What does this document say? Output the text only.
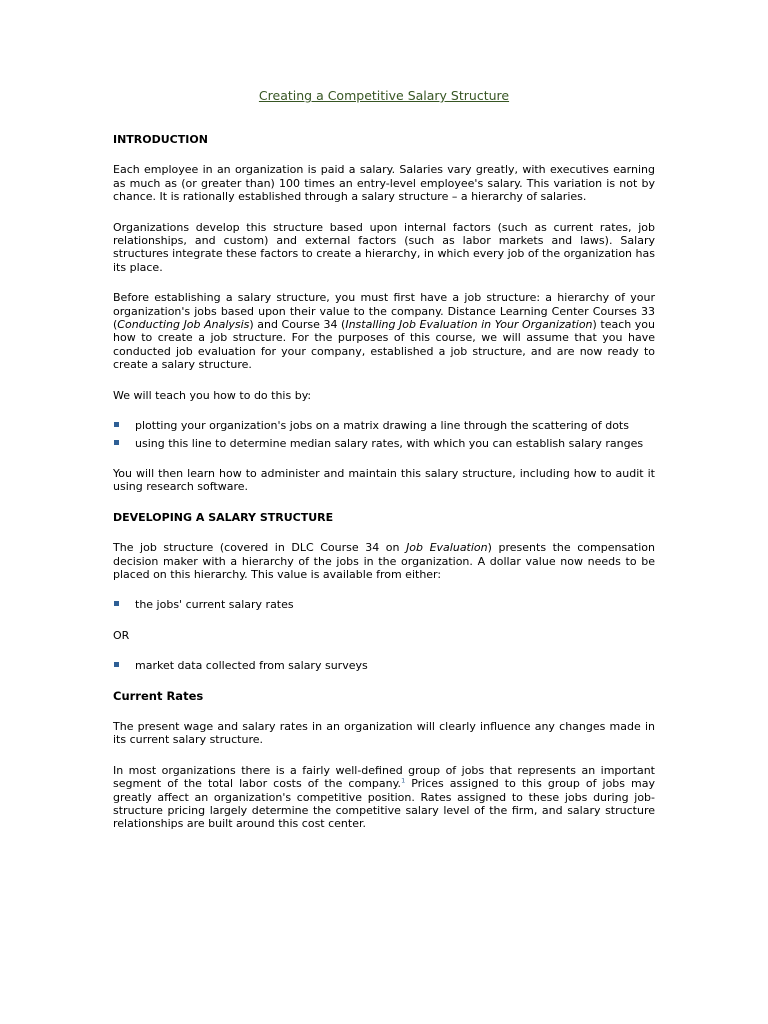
Creating a Competitive Salary Structure
INTRODUCTION
Each employee in an organization is paid a salary. Salaries vary greatly, with executives earning as much as (or greater than) 100 times an entry-level employee's salary. This variation is not by chance. It is rationally established through a salary structure – a hierarchy of salaries.
Organizations develop this structure based upon internal factors (such as current rates, job relationships, and custom) and external factors (such as labor markets and laws). Salary structures integrate these factors to create a hierarchy, in which every job of the organization has its place.
Before establishing a salary structure, you must first have a job structure: a hierarchy of your organization's jobs based upon their value to the company. Distance Learning Center Courses 33 (Conducting Job Analysis) and Course 34 (Installing Job Evaluation in Your Organization) teach you how to create a job structure. For the purposes of this course, we will assume that you have conducted job evaluation for your company, established a job structure, and are now ready to create a salary structure.
We will teach you how to do this by:
plotting your organization's jobs on a matrix drawing a line through the scattering of dots
using this line to determine median salary rates, with which you can establish salary ranges
You will then learn how to administer and maintain this salary structure, including how to audit it using research software.
DEVELOPING A SALARY STRUCTURE
The job structure (covered in DLC Course 34 on Job Evaluation) presents the compensation decision maker with a hierarchy of the jobs in the organization. A dollar value now needs to be placed on this hierarchy. This value is available from either:
the jobs' current salary rates
OR
market data collected from salary surveys
Current Rates
The present wage and salary rates in an organization will clearly influence any changes made in its current salary structure.
In most organizations there is a fairly well-defined group of jobs that represents an important segment of the total labor costs of the company.$^1$ Prices assigned to this group of jobs may greatly affect an organization's competitive position. Rates assigned to these jobs during job-structure pricing largely determine the competitive salary level of the firm, and salary structure relationships are built around this cost center.
